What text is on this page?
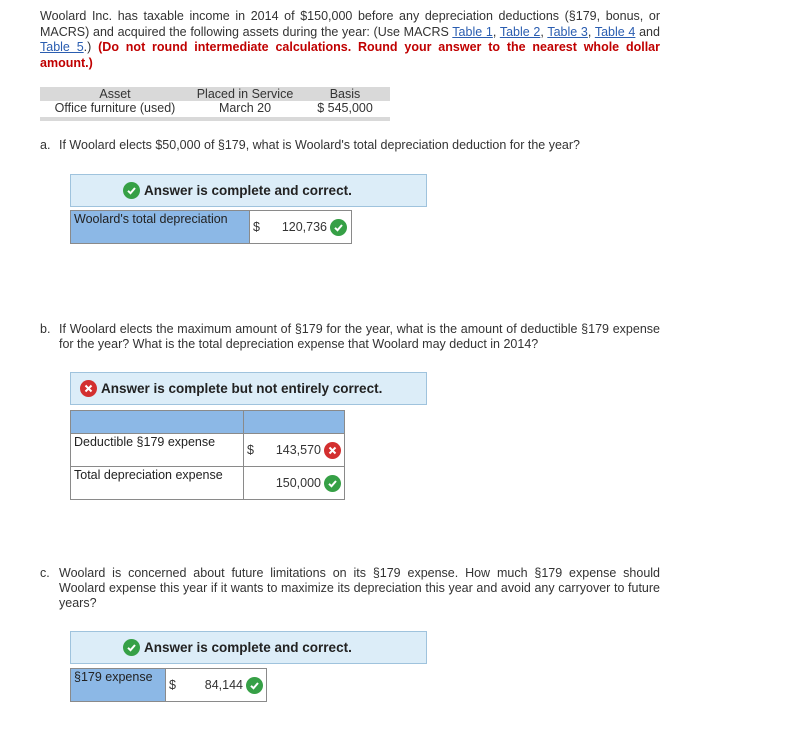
Woolard Inc. has taxable income in 2014 of $150,000 before any depreciation deductions (§179, bonus, or MACRS) and acquired the following assets during the year: (Use MACRS Table 1, Table 2, Table 3, Table 4 and Table 5.) (Do not round intermediate calculations. Round your answer to the nearest whole dollar amount.)
Asset	Placed in Service	Basis
Office furniture (used)	March 20	$ 545,000
a. If Woolard elects $50,000 of §179, what is Woolard's total depreciation deduction for the year?
Answer is complete and correct.
Woolard's total depreciation	
$ 120,736
b. If Woolard elects the maximum amount of §179 for the year, what is the amount of deductible §179 expense for the year? What is the total depreciation expense that Woolard may deduct in 2014?
Answer is complete but not entirely correct.

Deductible §179 expense	$ 143,570

Total depreciation expense	150,000
c. Woolard is concerned about future limitations on its §179 expense. How much §179 expense should Woolard expense this year if it wants to maximize its depreciation this year and avoid any carryover to future years?
Answer is complete and correct.
§179 expense	
$ 84,144
